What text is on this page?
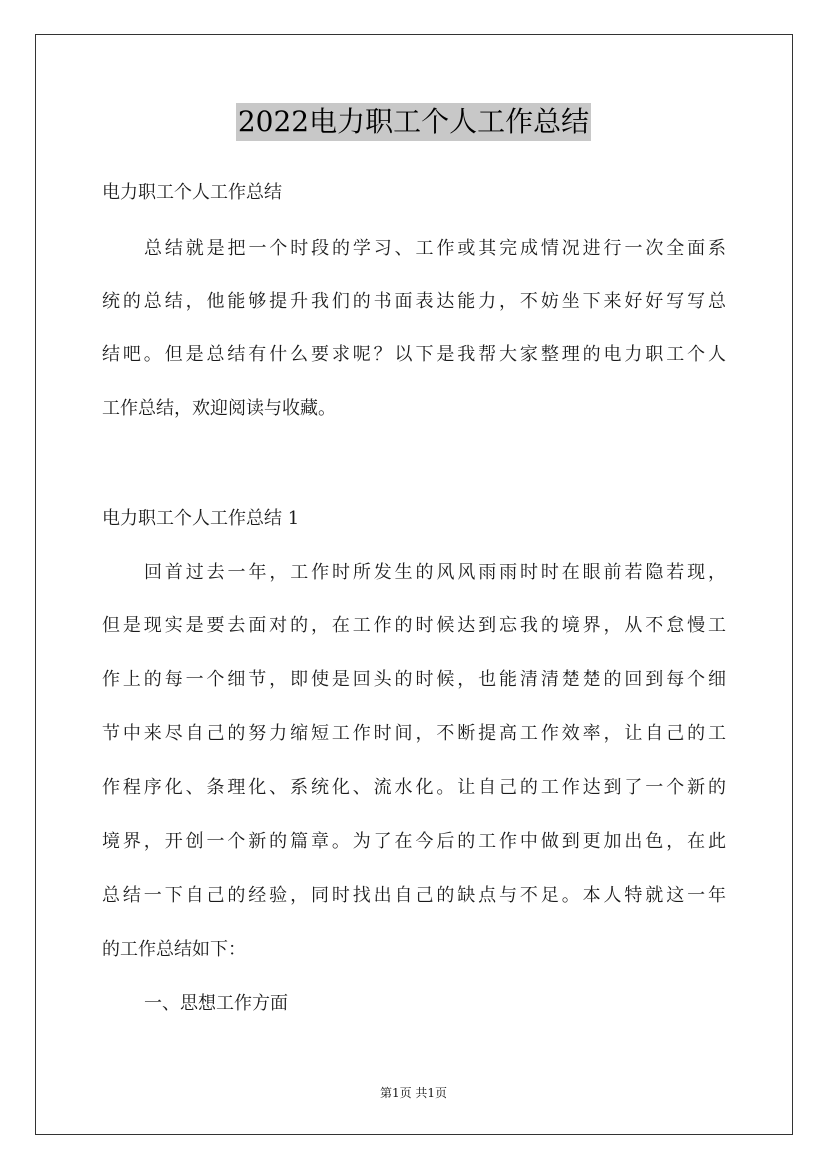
2022电力职工个人工作总结
电力职工个人工作总结
总结就是把一个时段的学习、工作或其完成情况进行一次全面系
统的总结，他能够提升我们的书面表达能力，不妨坐下来好好写写总
结吧。但是总结有什么要求呢？以下是我帮大家整理的电力职工个人
工作总结，欢迎阅读与收藏。
电力职工个人工作总结 1
回首过去一年，工作时所发生的风风雨雨时时在眼前若隐若现，
但是现实是要去面对的，在工作的时候达到忘我的境界，从不怠慢工
作上的每一个细节，即使是回头的时候，也能清清楚楚的回到每个细
节中来尽自己的努力缩短工作时间，不断提高工作效率，让自己的工
作程序化、条理化、系统化、流水化。让自己的工作达到了一个新的
境界，开创一个新的篇章。为了在今后的工作中做到更加出色，在此
总结一下自己的经验，同时找出自己的缺点与不足。本人特就这一年
的工作总结如下：
一、思想工作方面
第1页 共1页
